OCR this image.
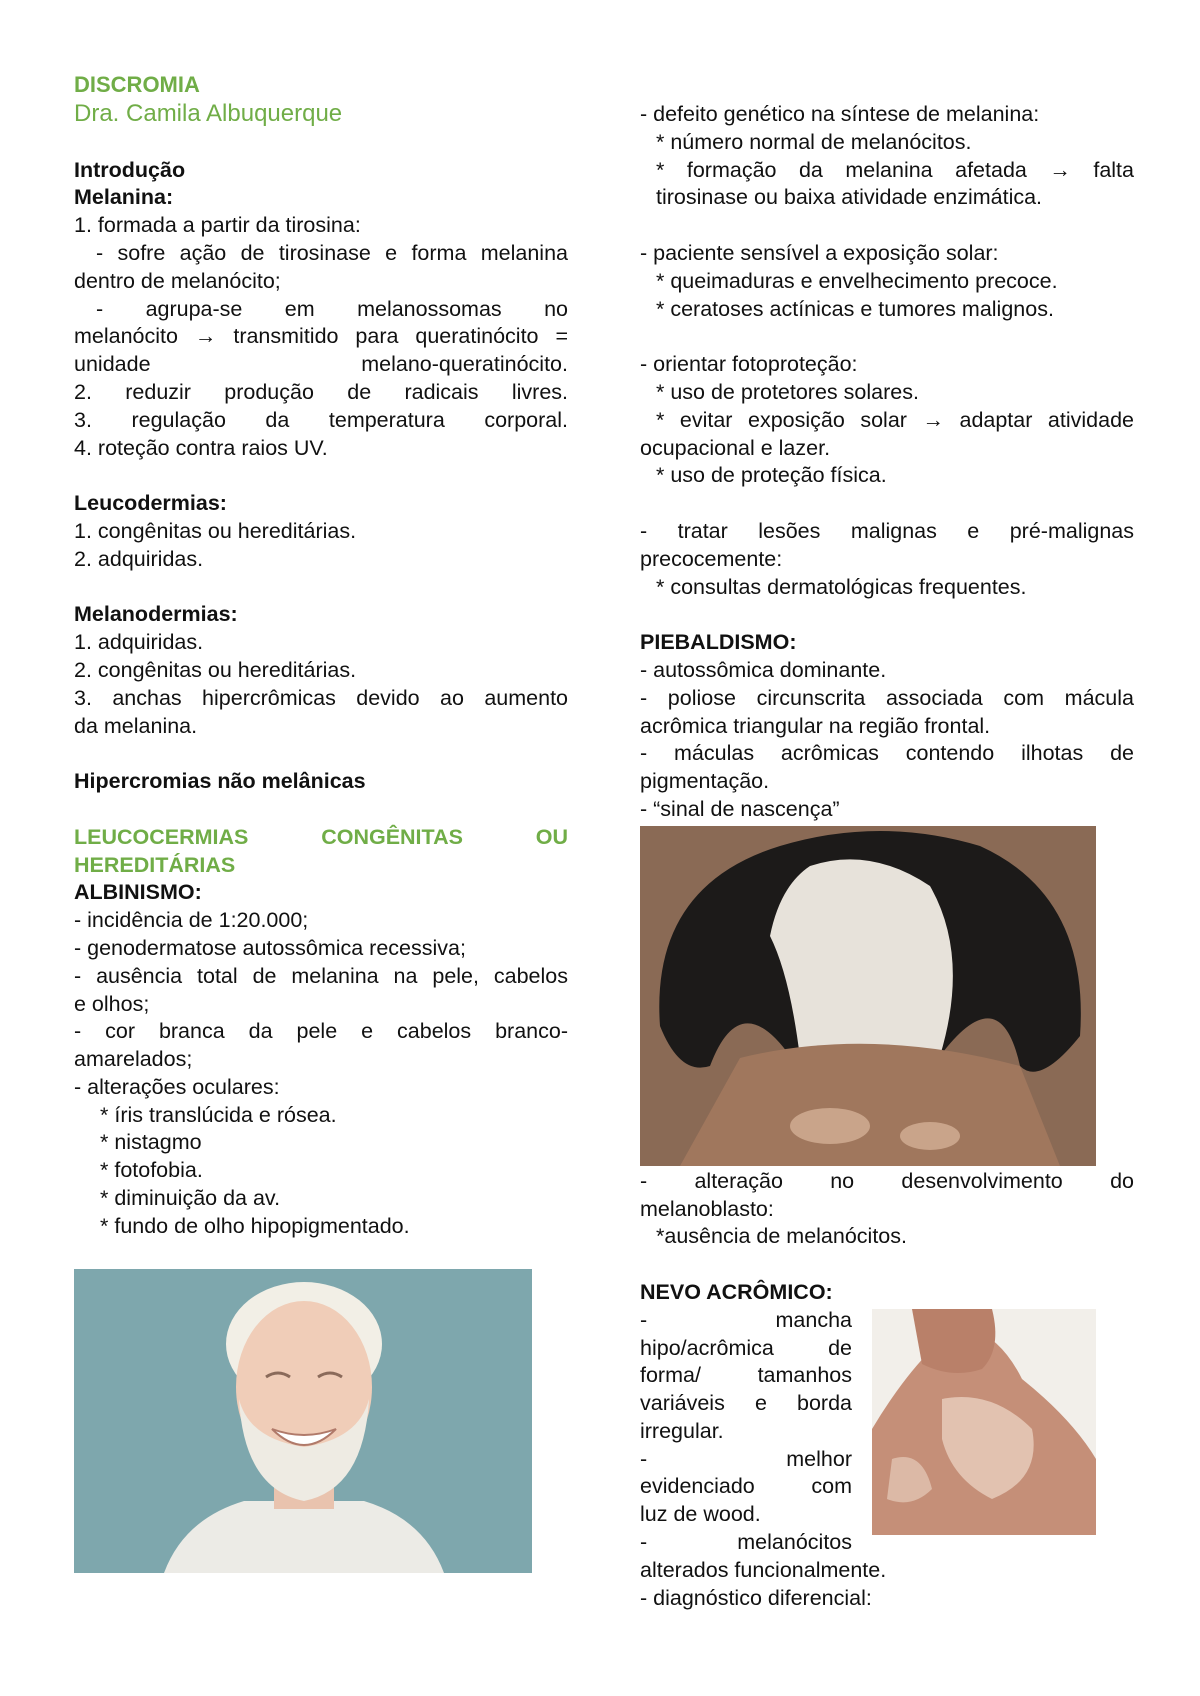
DISCROMIA

Dra. Camila Albuquerque

Introdução

Melanina:

1. formada a partir da tirosina:

- sofre ação de tirosinase e forma melanina

dentro de melanócito;

- agrupa-se em melanossomas no

melanócito → transmitido para queratinócito =

unidade melano-queratinócito.

2. reduzir produção de radicais livres.

3. regulação da temperatura corporal.

4. roteção contra raios UV.

Leucodermias:

1. congênitas ou hereditárias.

2. adquiridas.

Melanodermias:

1. adquiridas.

2. congênitas ou hereditárias.

3. anchas hipercrômicas devido ao aumento

da melanina.

Hipercromias não melânicas

LEUCOCERMIAS CONGÊNITAS OU

HEREDITÁRIAS

ALBINISMO:

- incidência de 1:20.000;

- genodermatose autossômica recessiva;

- ausência total de melanina na pele, cabelos

e olhos;

- cor branca da pele e cabelos branco-

amarelados;

- alterações oculares:

* íris translúcida e rósea.

* nistagmo

* fotofobia.

* diminuição da av.

* fundo de olho hipopigmentado.

- defeito genético na síntese de melanina:

* número normal de melanócitos.

* formação da melanina afetada → falta

tirosinase ou baixa atividade enzimática.

- paciente sensível a exposição solar:

* queimaduras e envelhecimento precoce.

* ceratoses actínicas e tumores malignos.

- orientar fotoproteção:

* uso de protetores solares.

* evitar exposição solar → adaptar atividade

ocupacional e lazer.

* uso de proteção física.

- tratar lesões malignas e pré-malignas

precocemente:

* consultas dermatológicas frequentes.

PIEBALDISMO:

- autossômica dominante.

- poliose circunscrita associada com mácula

acrômica triangular na região frontal.

- máculas acrômicas contendo ilhotas de

pigmentação.

- “sinal de nascença”

- alteração no desenvolvimento do

melanoblasto:

*ausência de melanócitos.

NEVO ACRÔMICO:

- mancha

hipo/acrômica de

forma/ tamanhos

variáveis e borda

irregular.

- melhor

evidenciado com

luz de wood.

- melanócitos

alterados funcionalmente.

- diagnóstico diferencial:
